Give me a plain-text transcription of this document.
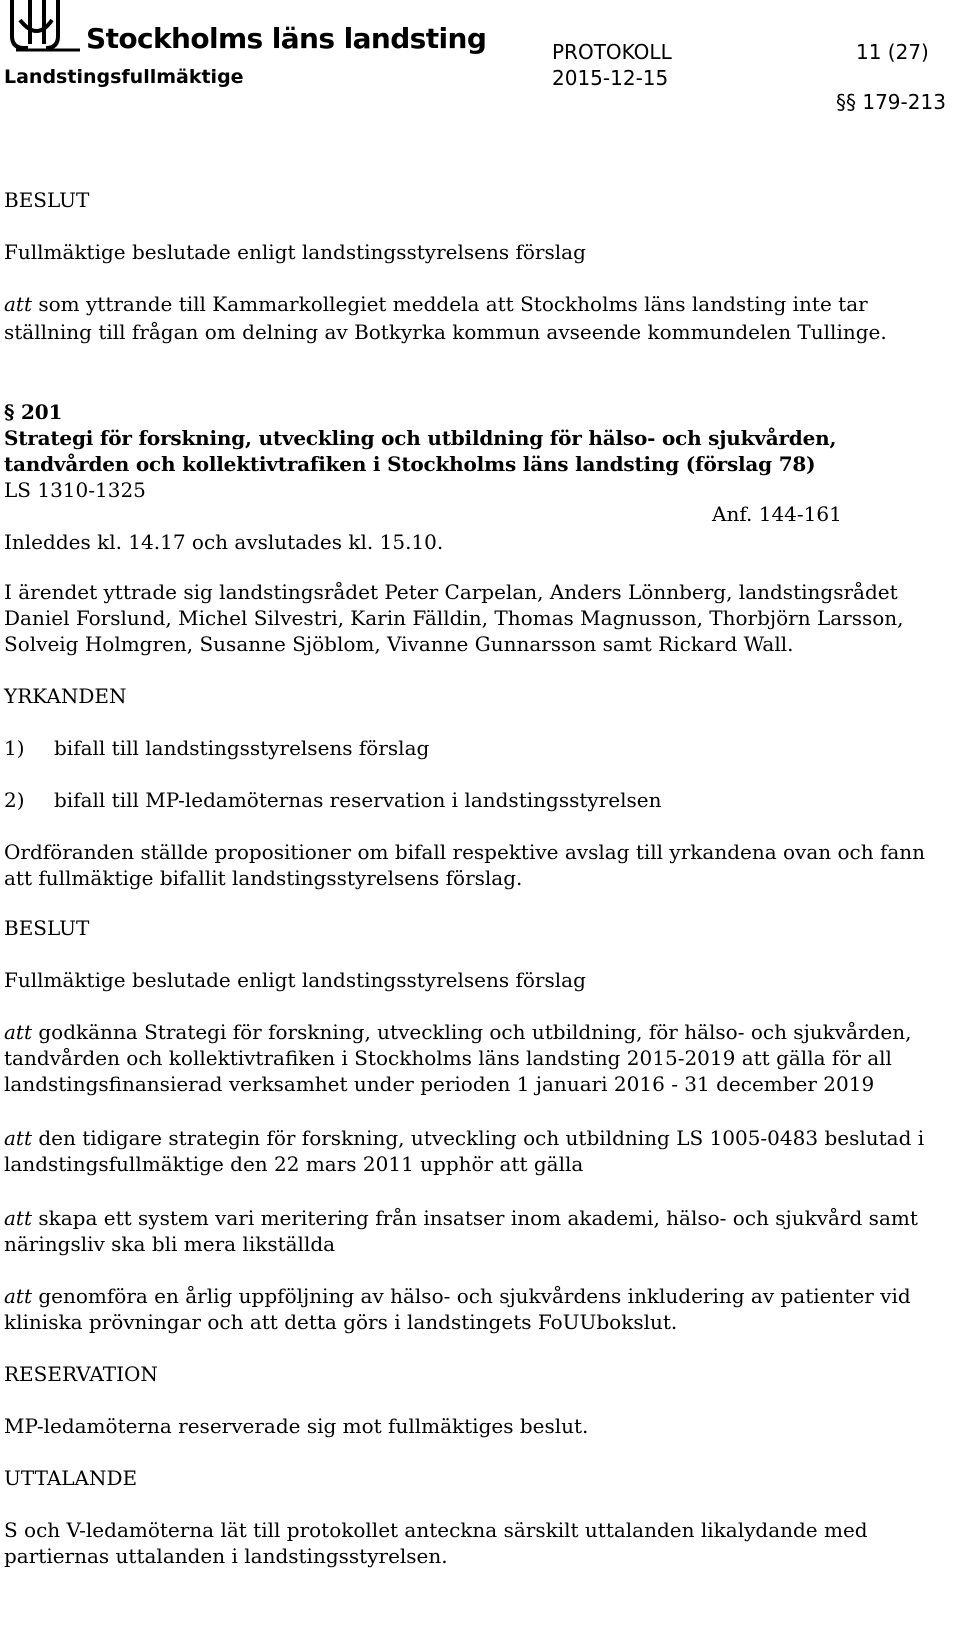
Stockholms läns landsting
Landstingsfullmäktige
PROTOKOLL
2015-12-15
11 (27)
§§ 179-213
BESLUT
Fullmäktige beslutade enligt landstingsstyrelsens förslag
att som yttrande till Kammarkollegiet meddela att Stockholms läns landsting inte tar
ställning till frågan om delning av Botkyrka kommun avseende kommundelen Tullinge.
§ 201
Strategi för forskning, utveckling och utbildning för hälso- och sjukvården,
tandvården och kollektivtrafiken i Stockholms läns landsting (förslag 78)
LS 1310-1325
Anf. 144-161
Inleddes kl. 14.17 och avslutades kl. 15.10.
I ärendet yttrade sig landstingsrådet Peter Carpelan, Anders Lönnberg, landstingsrådet
Daniel Forslund, Michel Silvestri, Karin Fälldin, Thomas Magnusson, Thorbjörn Larsson,
Solveig Holmgren, Susanne Sjöblom, Vivanne Gunnarsson samt Rickard Wall.
YRKANDEN
1) bifall till landstingsstyrelsens förslag
2) bifall till MP-ledamöternas reservation i landstingsstyrelsen
Ordföranden ställde propositioner om bifall respektive avslag till yrkandena ovan och fann
att fullmäktige bifallit landstingsstyrelsens förslag.
BESLUT
Fullmäktige beslutade enligt landstingsstyrelsens förslag
att godkänna Strategi för forskning, utveckling och utbildning, för hälso- och sjukvården,
tandvården och kollektivtrafiken i Stockholms läns landsting 2015-2019 att gälla för all
landstingsfinansierad verksamhet under perioden 1 januari 2016 - 31 december 2019
att den tidigare strategin för forskning, utveckling och utbildning LS 1005-0483 beslutad i
landstingsfullmäktige den 22 mars 2011 upphör att gälla
att skapa ett system vari meritering från insatser inom akademi, hälso- och sjukvård samt
näringsliv ska bli mera likställda
att genomföra en årlig uppföljning av hälso- och sjukvårdens inkludering av patienter vid
kliniska prövningar och att detta görs i landstingets FoUUbokslut.
RESERVATION
MP-ledamöterna reserverade sig mot fullmäktiges beslut.
UTTALANDE
S och V-ledamöterna lät till protokollet anteckna särskilt uttalanden likalydande med
partiernas uttalanden i landstingsstyrelsen.
